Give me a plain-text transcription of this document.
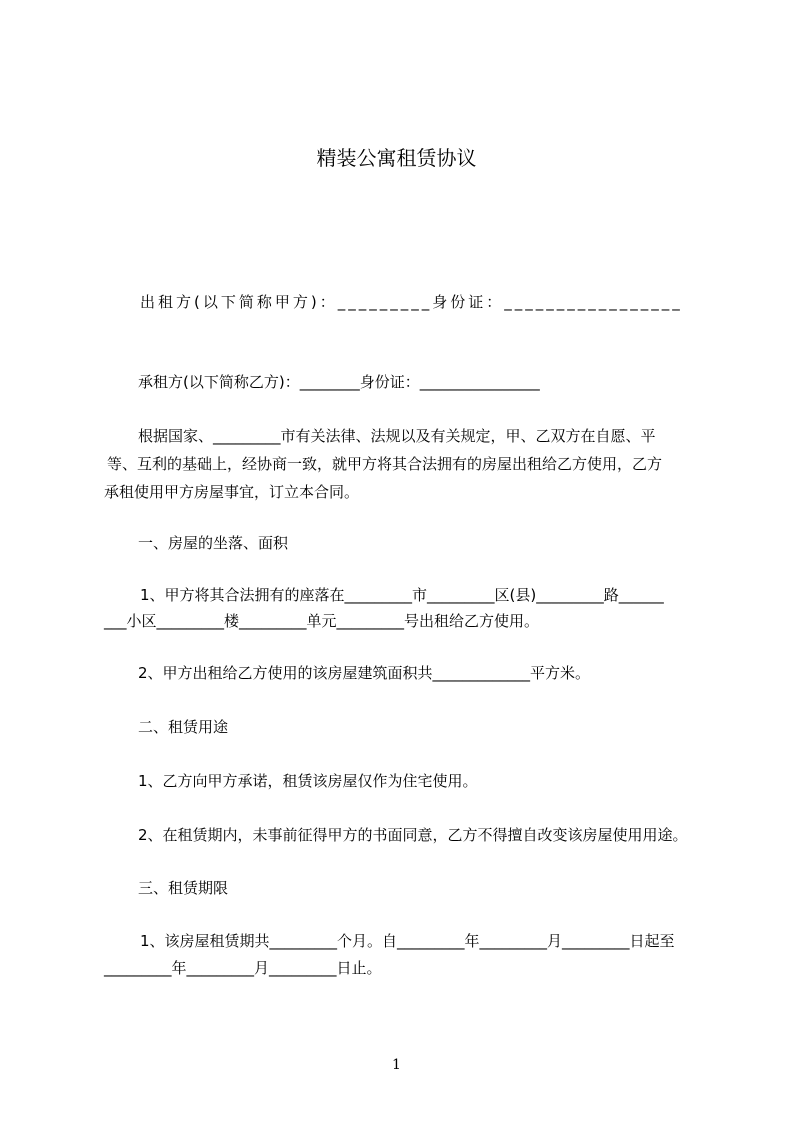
精装公寓租赁协议
出租方(以下简称甲方)：_________身份证：_________________
承租方(以下简称乙方)：________身份证：________________
根据国家、_________市有关法律、法规以及有关规定，甲、乙双方在自愿、平
等、互利的基础上，经协商一致，就甲方将其合法拥有的房屋出租给乙方使用，乙方
承租使用甲方房屋事宜，订立本合同。
一、房屋的坐落、面积
1、甲方将其合法拥有的座落在_________市_________区(县)_________路______
___小区_________楼_________单元_________号出租给乙方使用。
2、甲方出租给乙方使用的该房屋建筑面积共_____________平方米。
二、租赁用途
1、乙方向甲方承诺，租赁该房屋仅作为住宅使用。
2、在租赁期内，未事前征得甲方的书面同意，乙方不得擅自改变该房屋使用用途。
三、租赁期限
1、该房屋租赁期共_________个月。自_________年_________月_________日起至
_________年_________月_________日止。
1
